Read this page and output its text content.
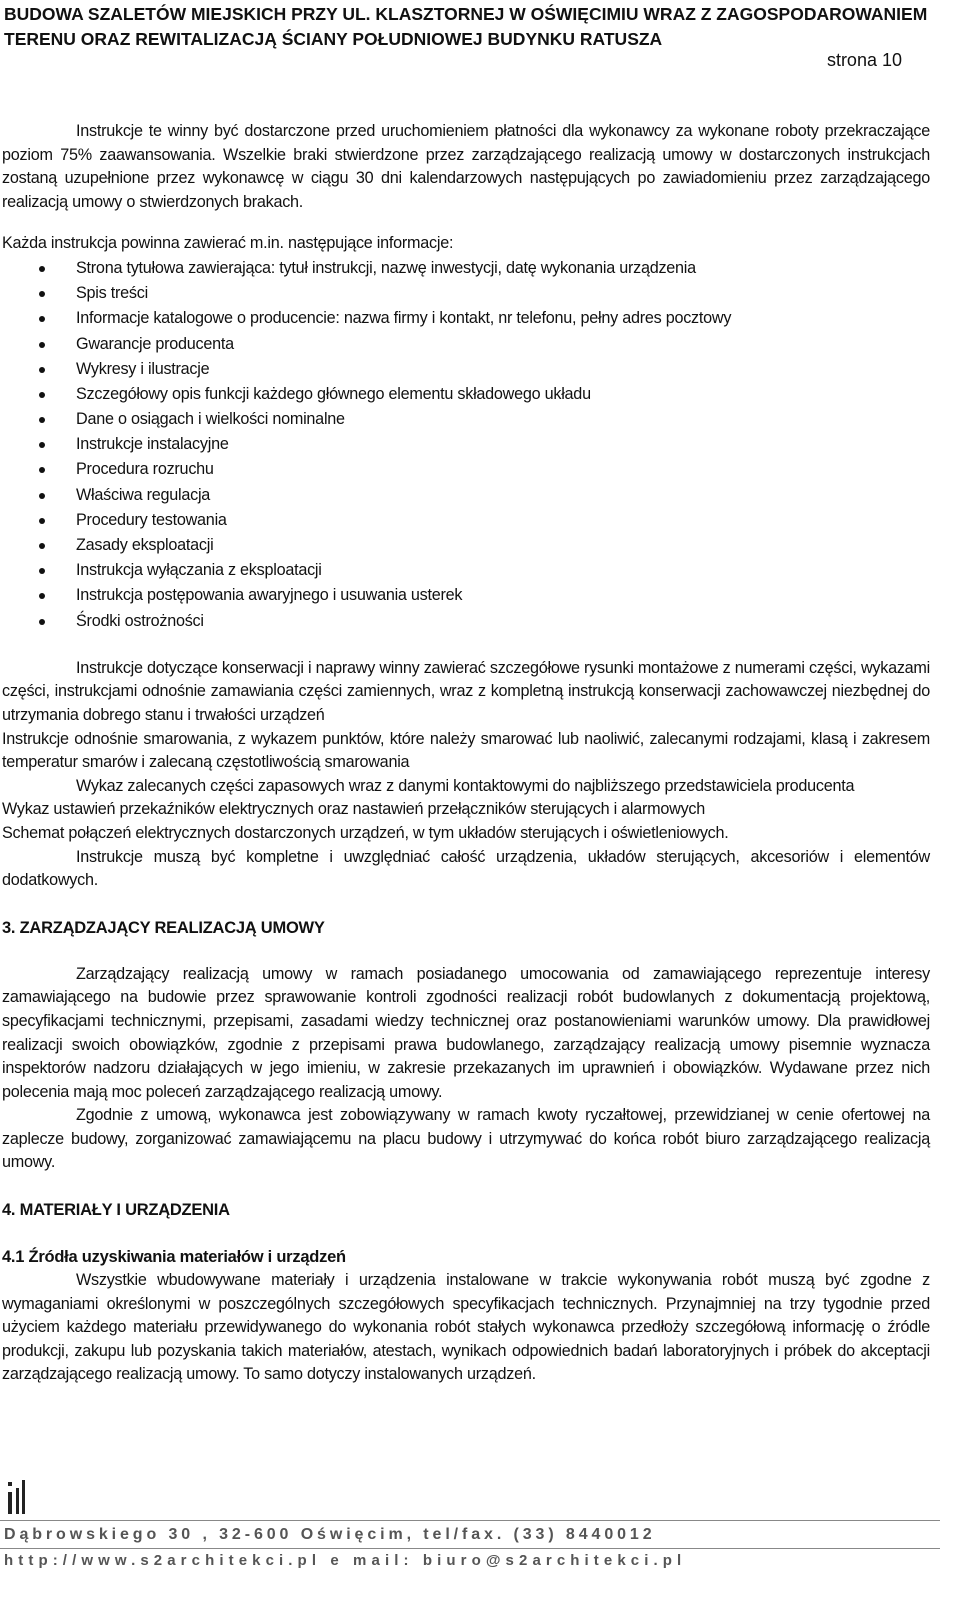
BUDOWA SZALETÓW MIEJSKICH PRZY UL. KLASZTORNEJ W OŚWIĘCIMIU WRAZ Z ZAGOSPODAROWANIEM
TERENU ORAZ REWITALIZACJĄ ŚCIANY POŁUDNIOWEJ BUDYNKU RATUSZA
strona 10

Instrukcje te winny być dostarczone przed uruchomieniem płatności dla wykonawcy za wykonane roboty przekraczające poziom 75% zaawansowania. Wszelkie braki stwierdzone przez zarządzającego realizacją umowy w dostarczonych instrukcjach zostaną uzupełnione przez wykonawcę w ciągu 30 dni kalendarzowych następujących po zawiadomieniu przez zarządzającego realizacją umowy o stwierdzonych brakach.

Każda instrukcja powinna zawierać m.in. następujące informacje:

Strona tytułowa zawierająca: tytuł instrukcji, nazwę inwestycji, datę wykonania urządzenia
Spis treści
Informacje katalogowe o producencie: nazwa firmy i kontakt, nr telefonu, pełny adres pocztowy
Gwarancje producenta
Wykresy i ilustracje
Szczegółowy opis funkcji każdego głównego elementu składowego układu
Dane o osiągach i wielkości nominalne
Instrukcje instalacyjne
Procedura rozruchu
Właściwa regulacja
Procedury testowania
Zasady eksploatacji
Instrukcja wyłączania z eksploatacji
Instrukcja postępowania awaryjnego i usuwania usterek
Środki ostrożności

Instrukcje dotyczące konserwacji i naprawy winny zawierać szczegółowe rysunki montażowe z numerami części, wykazami części, instrukcjami odnośnie zamawiania części zamiennych, wraz z kompletną instrukcją konserwacji zachowawczej niezbędnej do utrzymania dobrego stanu i trwałości urządzeń

Instrukcje odnośnie smarowania, z wykazem punktów, które należy smarować lub naoliwić, zalecanymi rodzajami, klasą i zakresem temperatur smarów i zalecaną częstotliwością smarowania

Wykaz zalecanych części zapasowych wraz z danymi kontaktowymi do najbliższego przedstawiciela producenta

Wykaz ustawień przekaźników elektrycznych oraz nastawień przełączników sterujących i alarmowych

Schemat połączeń elektrycznych dostarczonych urządzeń, w tym układów sterujących i oświetleniowych.

Instrukcje muszą być kompletne i uwzględniać całość urządzenia, układów sterujących, akcesoriów i elementów dodatkowych.

3. ZARZĄDZAJĄCY REALIZACJĄ UMOWY

Zarządzający realizacją umowy w ramach posiadanego umocowania od zamawiającego reprezentuje interesy zamawiającego na budowie przez sprawowanie kontroli zgodności realizacji robót budowlanych z dokumentacją projektową, specyfikacjami technicznymi, przepisami, zasadami wiedzy technicznej oraz postanowieniami warunków umowy. Dla prawidłowej realizacji swoich obowiązków, zgodnie z przepisami prawa budowlanego, zarządzający realizacją umowy pisemnie wyznacza inspektorów nadzoru działających w jego imieniu, w zakresie przekazanych im uprawnień i obowiązków. Wydawane przez nich polecenia mają moc poleceń zarządzającego realizacją umowy.

Zgodnie z umową, wykonawca jest zobowiązywany w ramach kwoty ryczałtowej, przewidzianej w cenie ofertowej na zaplecze budowy, zorganizować zamawiającemu na placu budowy i utrzymywać do końca robót biuro zarządzającego realizacją umowy.

4. MATERIAŁY I URZĄDZENIA
4.1 Źródła uzyskiwania materiałów i urządzeń

Wszystkie wbudowywane materiały i urządzenia instalowane w trakcie wykonywania robót muszą być zgodne z wymaganiami określonymi w poszczególnych szczegółowych specyfikacjach technicznych. Przynajmniej na trzy tygodnie przed użyciem każdego materiału przewidywanego do wykonania robót stałych wykonawca przedłoży szczegółową informację o źródle produkcji, zakupu lub pozyskania takich materiałów, atestach, wynikach odpowiednich badań laboratoryjnych i próbek do akceptacji zarządzającego realizacją umowy. To samo dotyczy instalowanych urządzeń.

Dąbrowskiego 30 , 32-600 Oświęcim, tel/fax. (33) 8440012
http://www.s2architekci.pl e mail: biuro@s2architekci.pl
